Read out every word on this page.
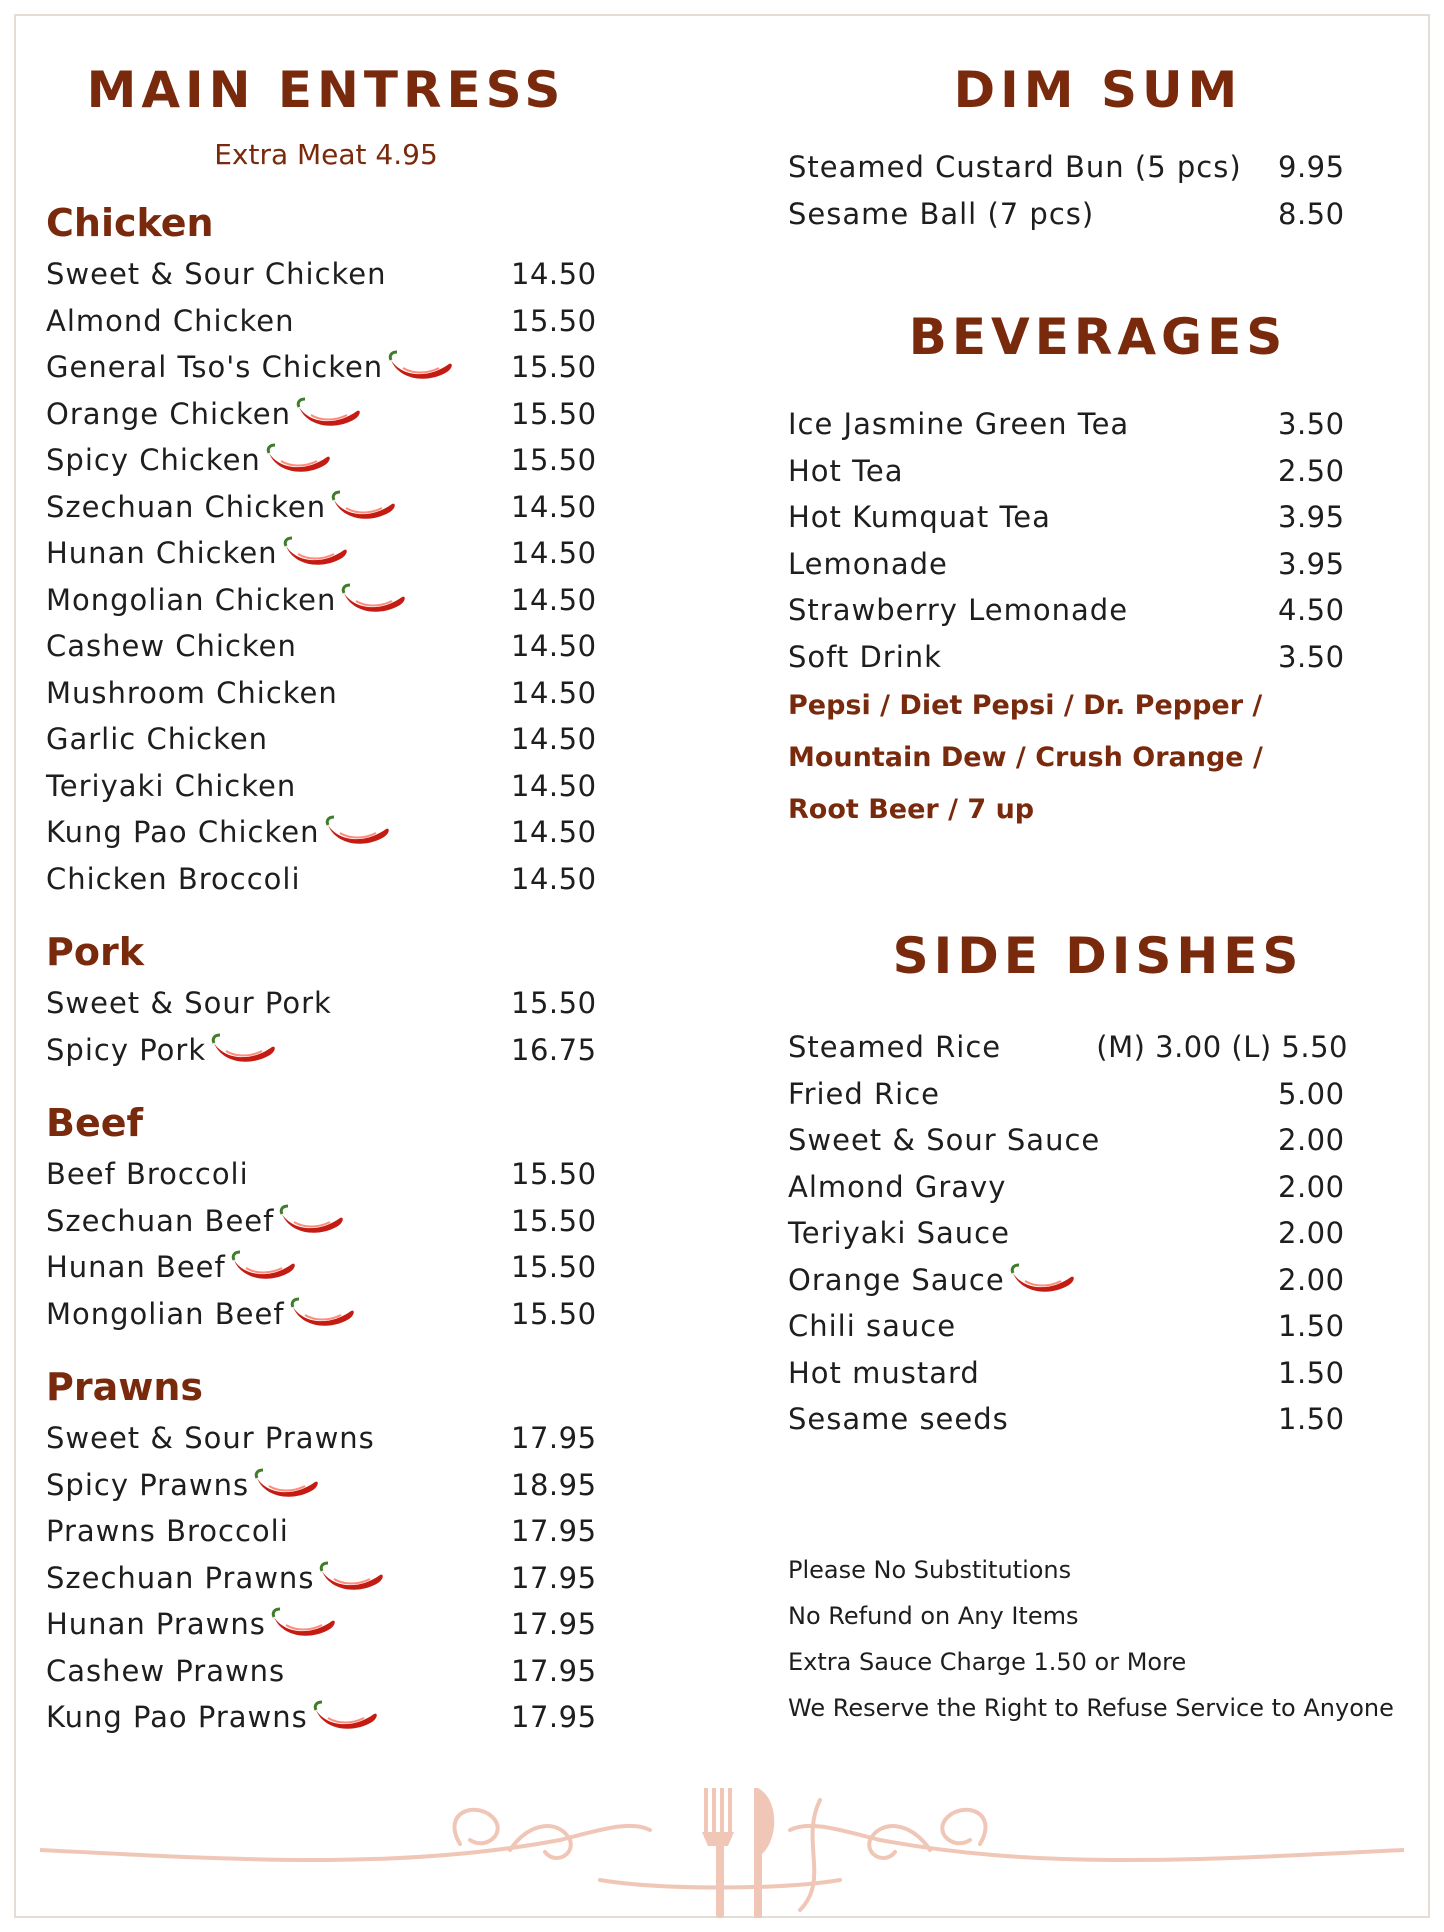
MAIN ENTRESS

Extra Meat 4.95

Chicken
Sweet & Sour Chicken	14.50
Almond Chicken	15.50
General Tso's Chicken	15.50
Orange Chicken	15.50
Spicy Chicken	15.50
Szechuan Chicken	14.50
Hunan Chicken	14.50
Mongolian Chicken	14.50
Cashew Chicken	14.50
Mushroom Chicken	14.50
Garlic Chicken	14.50
Teriyaki Chicken	14.50
Kung Pao Chicken	14.50
Chicken Broccoli	14.50
Pork
Sweet & Sour Pork	15.50
Spicy Pork	16.75
Beef
Beef Broccoli	15.50
Szechuan Beef	15.50
Hunan Beef	15.50
Mongolian Beef	15.50
Prawns
Sweet & Sour Prawns	17.95
Spicy Prawns	18.95
Prawns Broccoli	17.95
Szechuan Prawns	17.95
Hunan Prawns	17.95
Cashew Prawns	17.95
Kung Pao Prawns	17.95
DIM SUM
Steamed Custard Bun (5 pcs) 9.95
Sesame Ball (7 pcs)	8.50
BEVERAGES
Ice Jasmine Green Tea	3.50
Hot Tea	2.50
Hot Kumquat Tea	3.95
Lemonade	3.95
Strawberry Lemonade	4.50
Soft Drink	3.50

Pepsi / Diet Pepsi / Dr. Pepper /

Mountain Dew / Crush Orange /

Root Beer / 7 up

SIDE DISHES
Steamed Rice	(M) 3.00 (L) 5.50
Fried Rice	5.00
Sweet & Sour Sauce	2.00
Almond Gravy	2.00
Teriyaki Sauce	2.00
Orange Sauce	2.00
Chili sauce	1.50
Hot mustard	1.50
Sesame seeds	1.50

Please No Substitutions

No Refund on Any Items

Extra Sauce Charge 1.50 or More

We Reserve the Right to Refuse Service to Anyone
